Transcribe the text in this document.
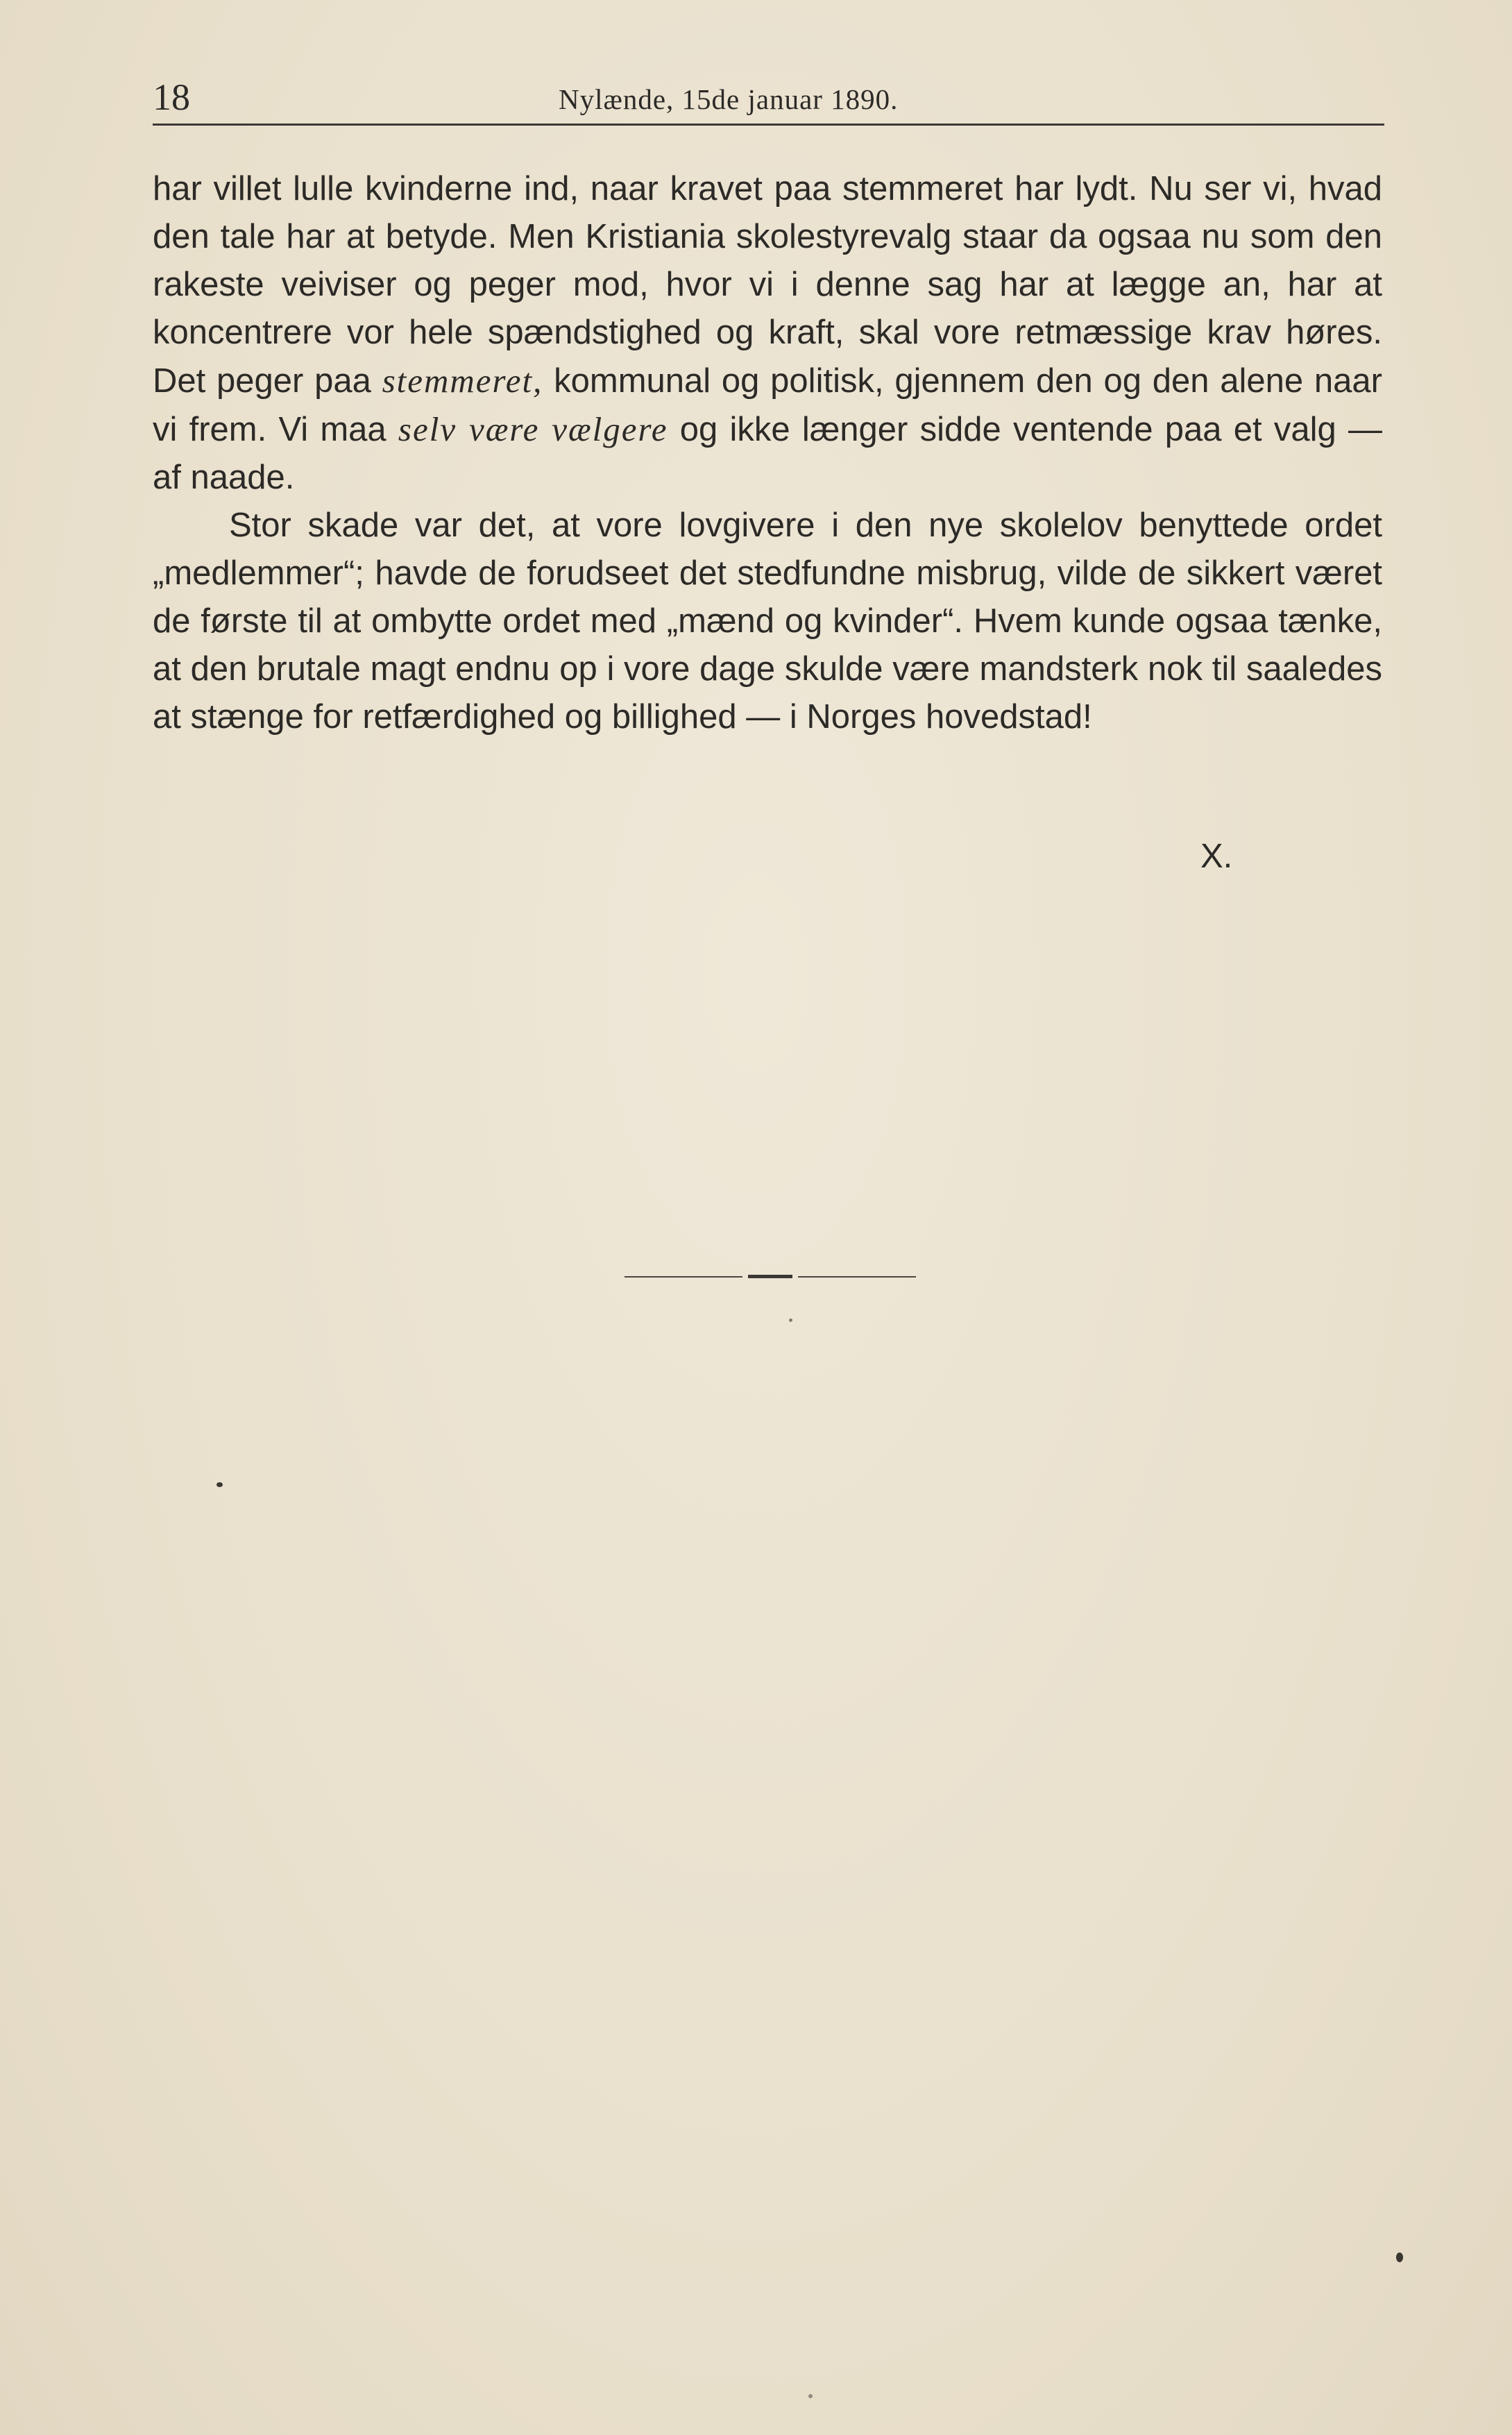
18	Nylænde, 15de januar 1890.

har villet lulle kvinderne ind, naar kravet paa stemmeret har lydt. Nu ser vi, hvad den tale har at betyde. Men Kristiania skolestyrevalg staar da ogsaa nu som den rakeste veiviser og peger mod, hvor vi i denne sag har at lægge an, har at koncentrere vor hele spændstighed og kraft, skal vore retmæssige krav høres. Det peger paa stemmeret, kommunal og politisk, gjennem den og den alene naar vi frem. Vi maa selv være vælgere og ikke længer sidde ventende paa et valg — af naade.

Stor skade var det, at vore lovgivere i den nye skolelov benyttede ordet „medlemmer“; havde de forudseet det stedfundne misbrug, vilde de sikkert været de første til at ombytte ordet med „mænd og kvinder“. Hvem kunde ogsaa tænke, at den brutale magt endnu op i vore dage skulde være mandsterk nok til saaledes at stænge for retfærdighed og billighed — i Norges hovedstad!

X.
